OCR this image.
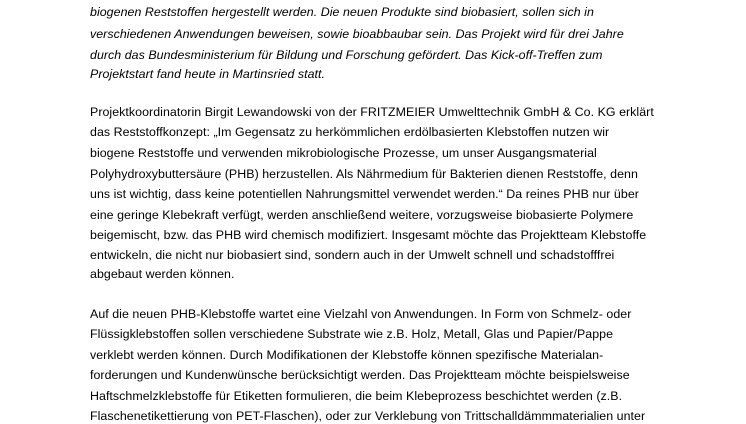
biogenen Reststoffen hergestellt werden. Die neuen Produkte sind biobasiert, sollen sich in
verschiedenen Anwendungen beweisen, sowie bioabbaubar sein. Das Projekt wird für drei Jahre
durch das Bundesministerium für Bildung und Forschung gefördert. Das Kick-off-Treffen zum
Projektstart fand heute in Martinsried statt.
Projektkoordinatorin Birgit Lewandowski von der FRITZMEIER Umwelttechnik GmbH & Co. KG erklärt
das Reststoffkonzept: „Im Gegensatz zu herkömmlichen erdölbasierten Klebstoffen nutzen wir
biogene Reststoffe und verwenden mikrobiologische Prozesse, um unser Ausgangsmaterial
Polyhydroxybuttersäure (PHB) herzustellen. Als Nährmedium für Bakterien dienen Reststoffe, denn
uns ist wichtig, dass keine potentiellen Nahrungsmittel verwendet werden.“ Da reines PHB nur über
eine geringe Klebekraft verfügt, werden anschließend weitere, vorzugsweise biobasierte Polymere
beigemischt, bzw. das PHB wird chemisch modifiziert. Insgesamt möchte das Projektteam Klebstoffe
entwickeln, die nicht nur biobasiert sind, sondern auch in der Umwelt schnell und schadstofffrei
abgebaut werden können.
Auf die neuen PHB-Klebstoffe wartet eine Vielzahl von Anwendungen. In Form von Schmelz- oder
Flüssigklebstoffen sollen verschiedene Substrate wie z.B. Holz, Metall, Glas und Papier/Pappe
verklebt werden können. Durch Modifikationen der Klebstoffe können spezifische Materialan-
forderungen und Kundenwünsche berücksichtigt werden. Das Projektteam möchte beispielsweise
Haftschmelzklebstoffe für Etiketten formulieren, die beim Klebeprozess beschichtet werden (z.B.
Flaschenetikettierung von PET-Flaschen), oder zur Verklebung von Trittschalldämmmaterialien unter
